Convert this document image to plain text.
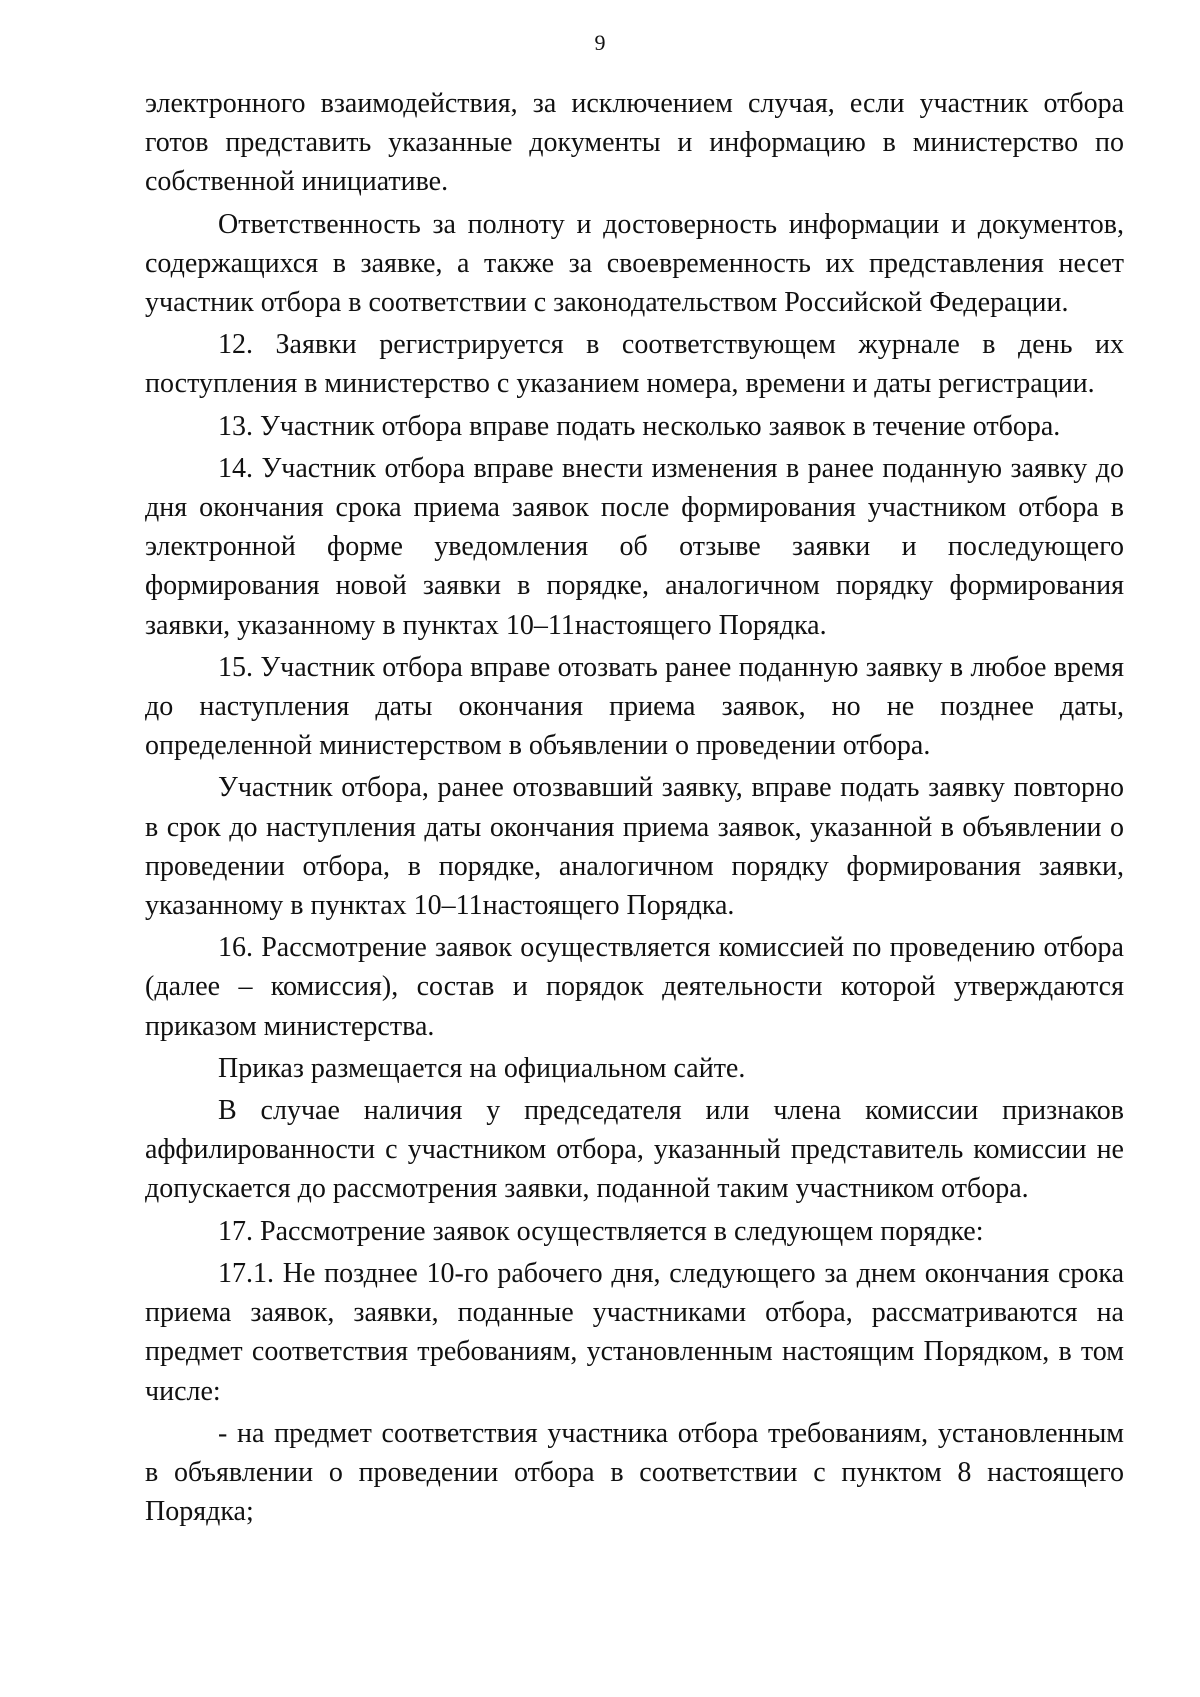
9

электронного взаимодействия, за исключением случая, если участник отбора готов представить указанные документы и информацию в министерство по собственной инициативе.

Ответственность за полноту и достоверность информации и документов, содержащихся в заявке, а также за своевременность их представления несет участник отбора в соответствии с законодательством Российской Федерации.

12. Заявки регистрируется в соответствующем журнале в день их поступления в министерство с указанием номера, времени и даты регистрации.

13. Участник отбора вправе подать несколько заявок в течение отбора.

14. Участник отбора вправе внести изменения в ранее поданную заявку до дня окончания срока приема заявок после формирования участником отбора в электронной форме уведомления об отзыве заявки и последующего формирования новой заявки в порядке, аналогичном порядку формирования заявки, указанному в пунктах 10–11настоящего Порядка.

15. Участник отбора вправе отозвать ранее поданную заявку в любое время до наступления даты окончания приема заявок, но не позднее даты, определенной министерством в объявлении о проведении отбора.

Участник отбора, ранее отозвавший заявку, вправе подать заявку повторно в срок до наступления даты окончания приема заявок, указанной в объявлении о проведении отбора, в порядке, аналогичном порядку формирования заявки, указанному в пунктах 10–11настоящего Порядка.

16. Рассмотрение заявок осуществляется комиссией по проведению отбора (далее – комиссия), состав и порядок деятельности которой утверждаются приказом министерства.

Приказ размещается на официальном сайте.

В случае наличия у председателя или члена комиссии признаков аффилированности с участником отбора, указанный представитель комиссии не допускается до рассмотрения заявки, поданной таким участником отбора.

17. Рассмотрение заявок осуществляется в следующем порядке:

17.1. Не позднее 10-го рабочего дня, следующего за днем окончания срока приема заявок, заявки, поданные участниками отбора, рассматриваются на предмет соответствия требованиям, установленным настоящим Порядком, в том числе:

- на предмет соответствия участника отбора требованиям, установленным в объявлении о проведении отбора в соответствии с пунктом 8 настоящего Порядка;
